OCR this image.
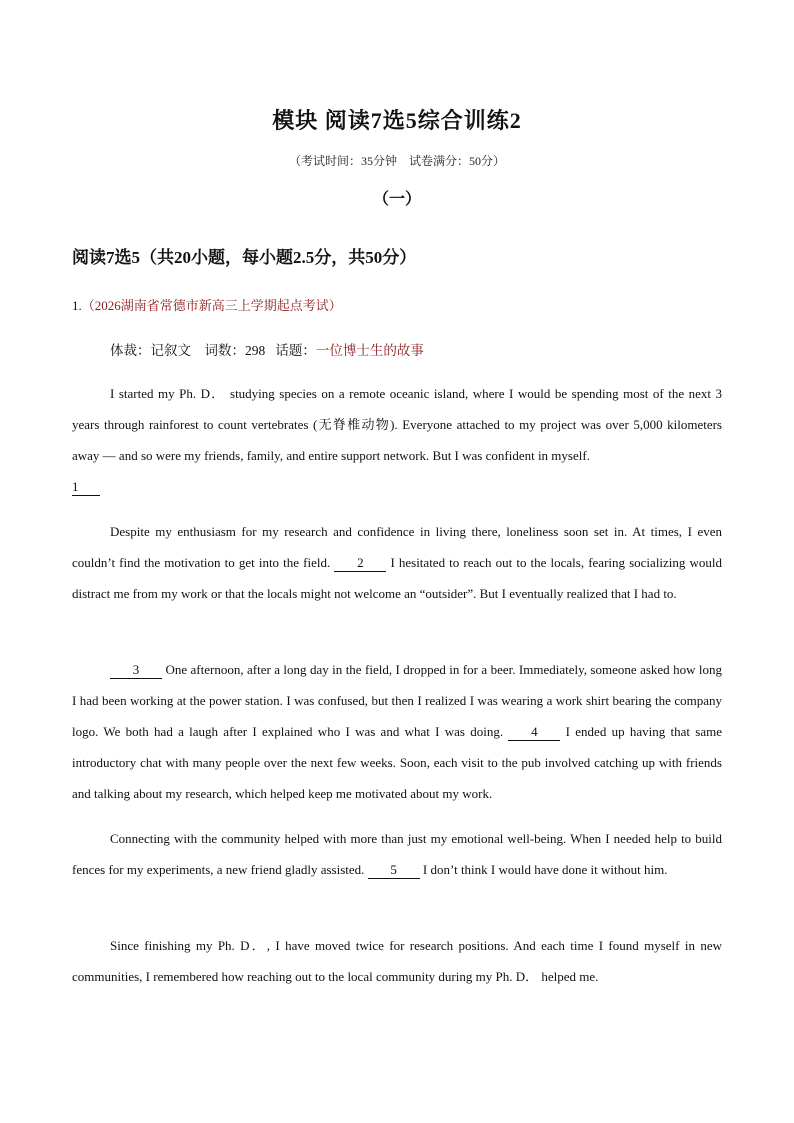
模块 阅读7选5综合训练2
（考试时间：35分钟　试卷满分：50分）
（一）
阅读7选5（共20小题，每小题2.5分，共50分）
1.（2026湖南省常德市新高三上学期起点考试）
体裁：记叙文 词数：298 话题：一位博士生的故事
I started my Ph. D． studying species on a remote oceanic island, where I would be spending most of the next 3 years through rainforest to count vertebrates (无脊椎动物). Everyone attached to my project was over 5,000 kilometers away — and so were my friends, family, and entire support network. But I was confident in myself.
1
Despite my enthusiasm for my research and confidence in living there, loneliness soon set in. At times, I even couldn’t find the motivation to get into the field. 2 I hesitated to reach out to the locals, fearing socializing would distract me from my work or that the locals might not welcome an “outsider”. But I eventually realized that I had to.
3 One afternoon, after a long day in the field, I dropped in for a beer. Immediately, someone asked how long I had been working at the power station. I was confused, but then I realized I was wearing a work shirt bearing the company logo. We both had a laugh after I explained who I was and what I was doing. 4 I ended up having that same introductory chat with many people over the next few weeks. Soon, each visit to the pub involved catching up with friends and talking about my research, which helped keep me motivated about my work.
Connecting with the community helped with more than just my emotional well-being. When I needed help to build fences for my experiments, a new friend gladly assisted. 5 I don’t think I would have done it without him.
Since finishing my Ph. D．, I have moved twice for research positions. And each time I found myself in new communities, I remembered how reaching out to the local community during my Ph. D． helped me.
